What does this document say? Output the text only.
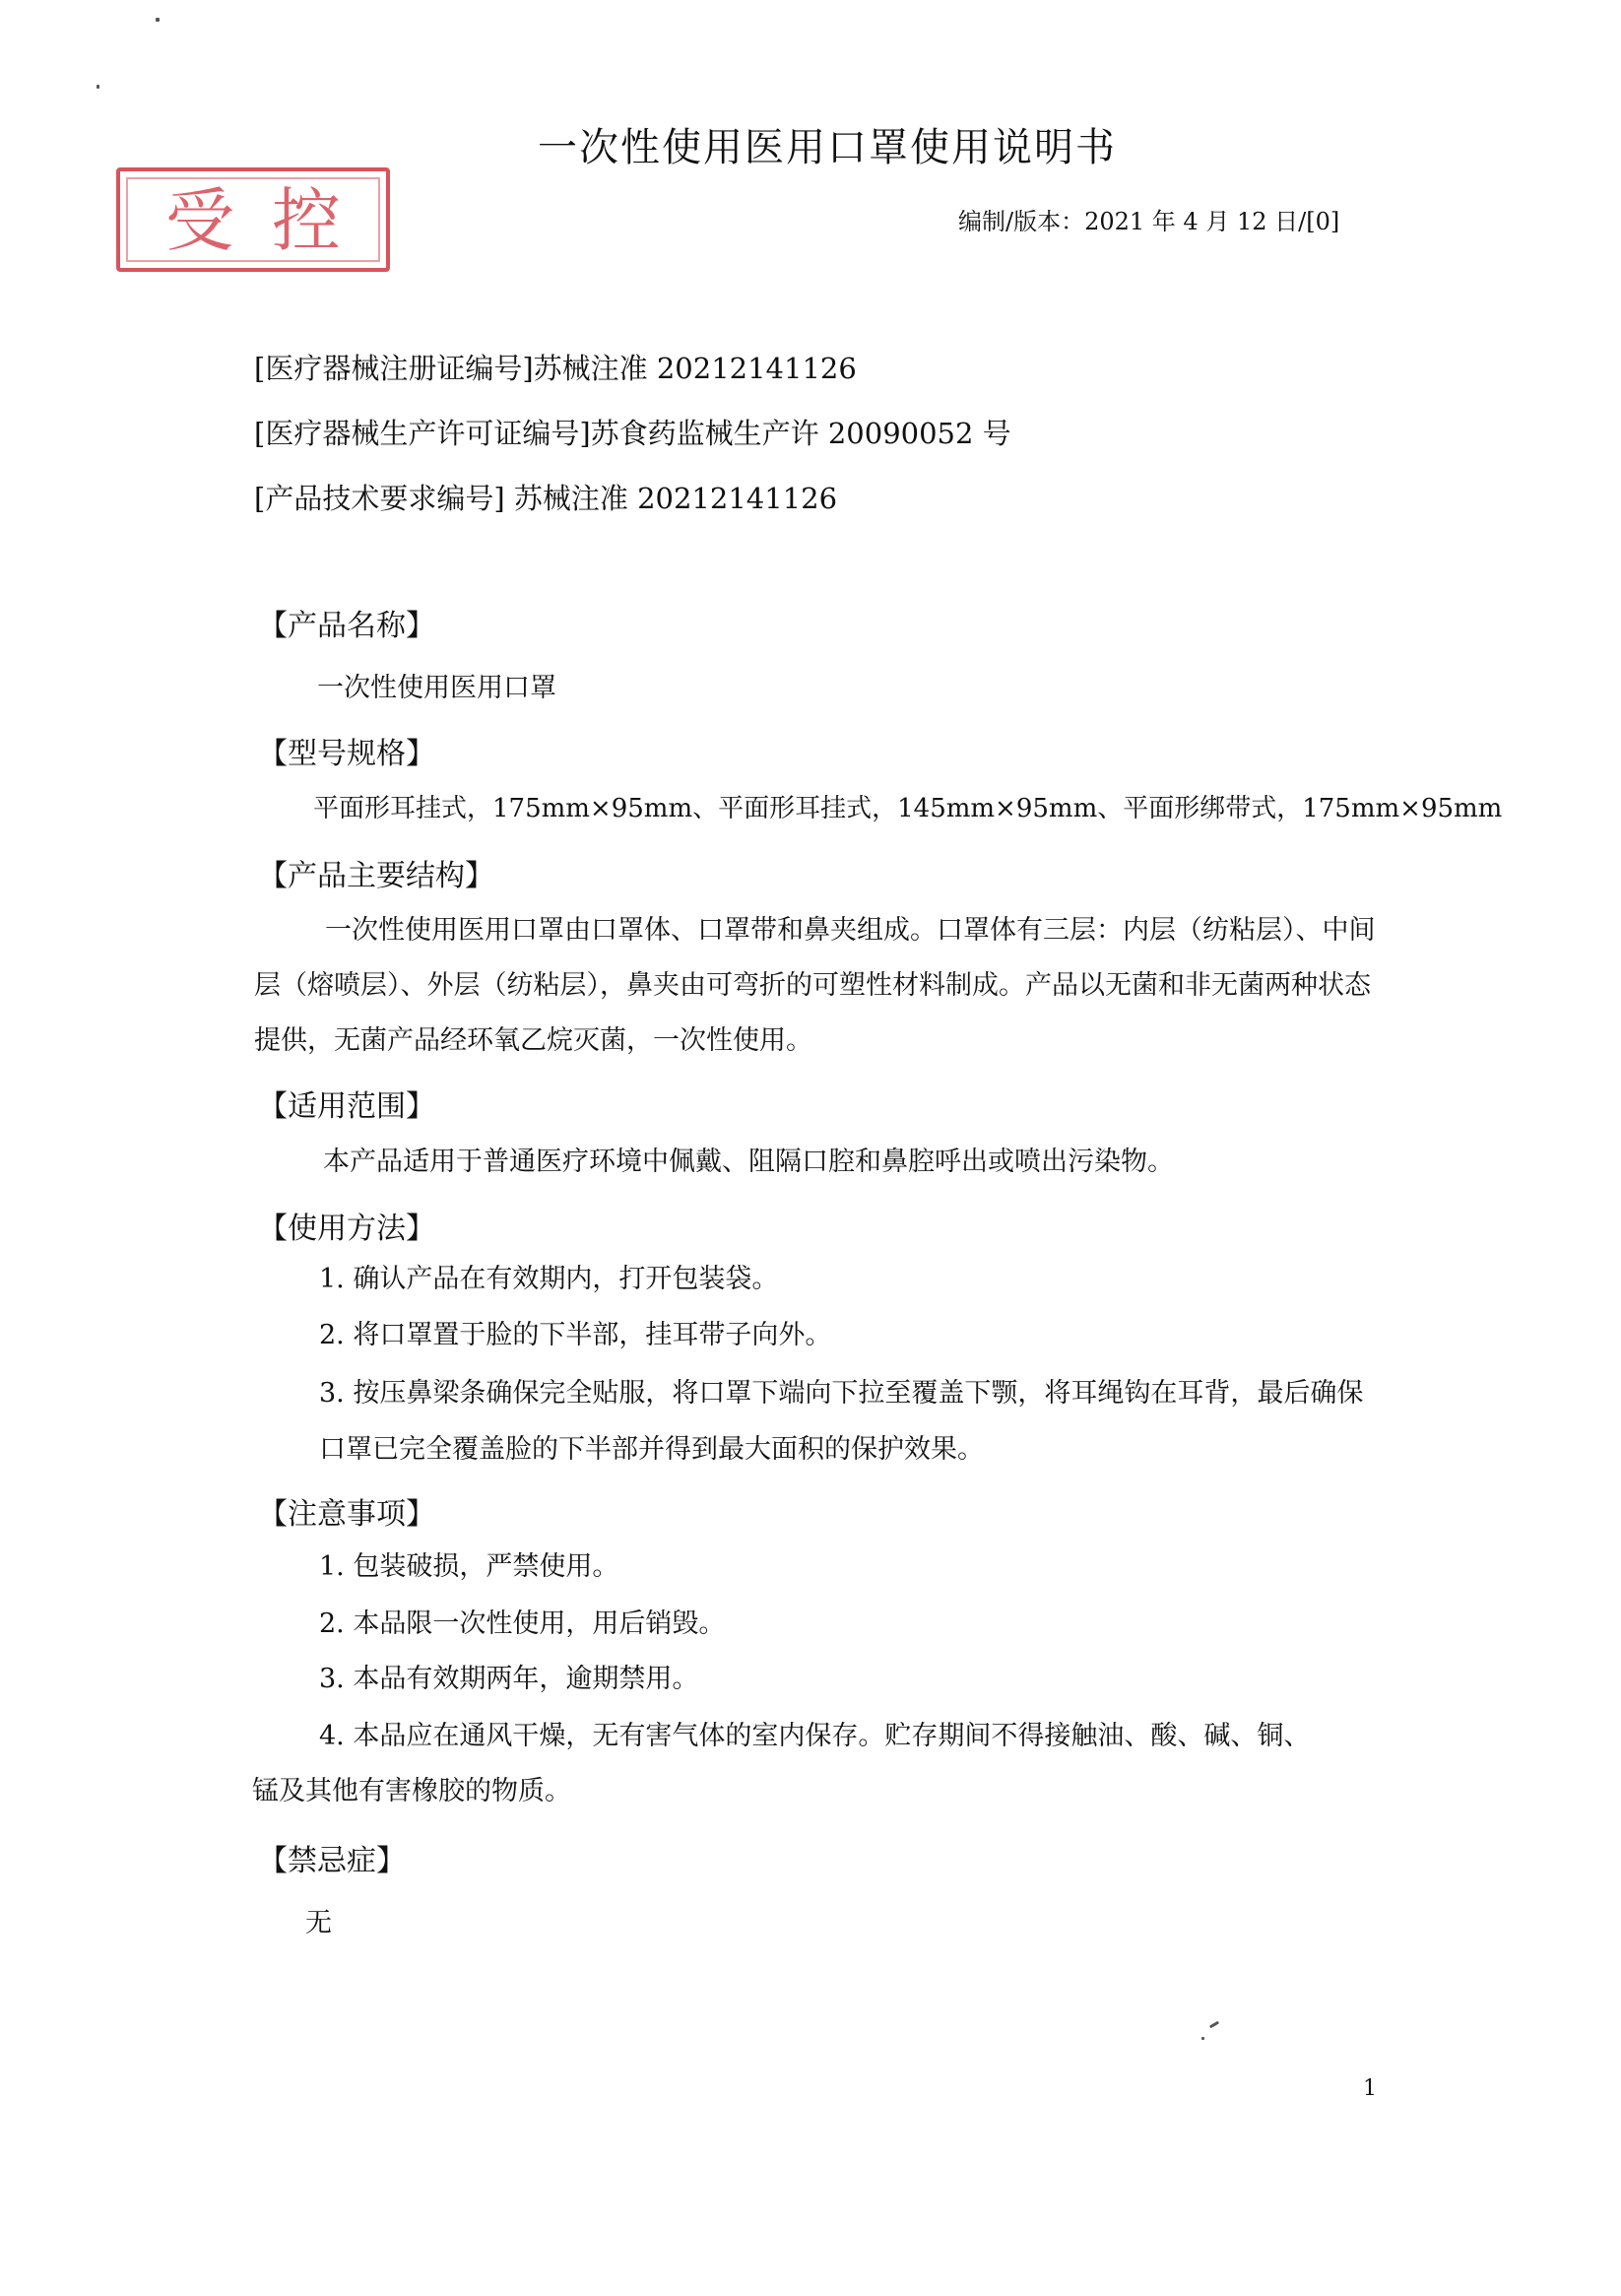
一次性使用医用口罩使用说明书
受控	编制/版本：2021 年 4 月 12 日/[0]
[医疗器械注册证编号]苏械注准 20212141126
[医疗器械生产许可证编号]苏食药监械生产许 20090052 号
[产品技术要求编号] 苏械注准 20212141126
【产品名称】
一次性使用医用口罩
【型号规格】
平面形耳挂式，175mm×95mm、平面形耳挂式，145mm×95mm、平面形绑带式，175mm×95mm
【产品主要结构】
一次性使用医用口罩由口罩体、口罩带和鼻夹组成。口罩体有三层：内层（纺粘层）、中间
层（熔喷层）、外层（纺粘层），鼻夹由可弯折的可塑性材料制成。产品以无菌和非无菌两种状态
提供，无菌产品经环氧乙烷灭菌，一次性使用。
【适用范围】
本产品适用于普通医疗环境中佩戴、阻隔口腔和鼻腔呼出或喷出污染物。
【使用方法】
1. 确认产品在有效期内，打开包装袋。
2. 将口罩置于脸的下半部，挂耳带子向外。
3. 按压鼻梁条确保完全贴服，将口罩下端向下拉至覆盖下颚，将耳绳钩在耳背，最后确保
口罩已完全覆盖脸的下半部并得到最大面积的保护效果。
【注意事项】
1. 包装破损，严禁使用。
2. 本品限一次性使用，用后销毁。
3. 本品有效期两年，逾期禁用。
4. 本品应在通风干燥，无有害气体的室内保存。贮存期间不得接触油、酸、碱、铜、
锰及其他有害橡胶的物质。
【禁忌症】
无
1
